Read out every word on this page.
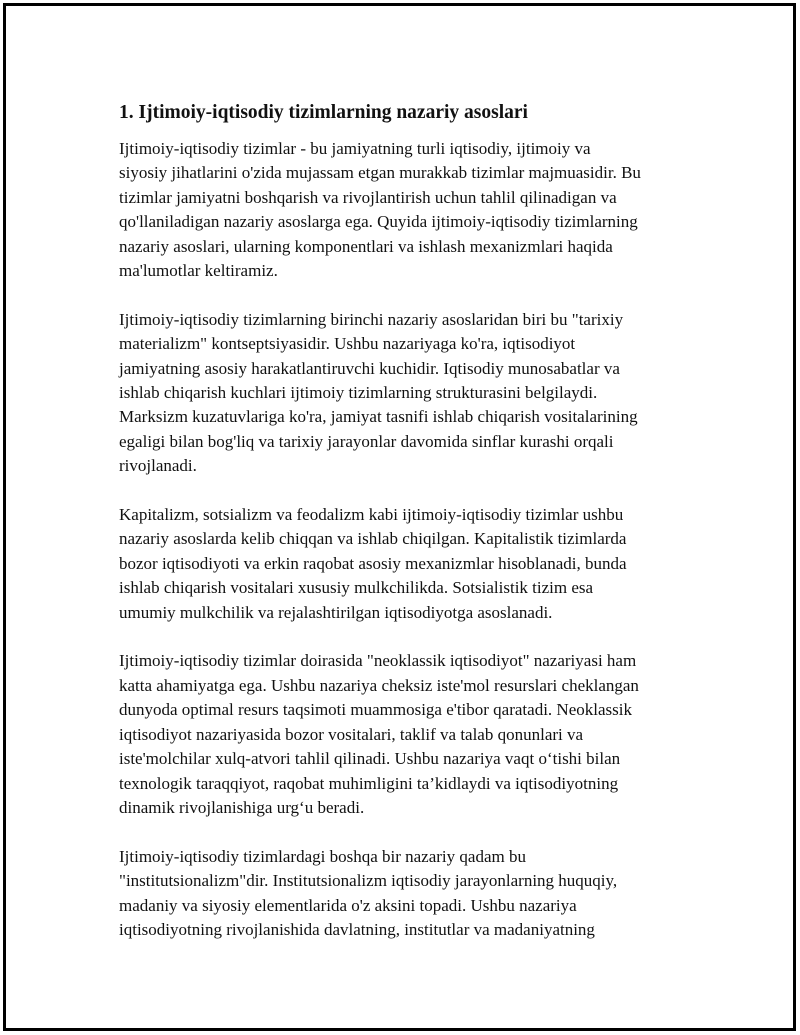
1. Ijtimoiy-iqtisodiy tizimlarning nazariy asoslari

Ijtimoiy-iqtisodiy tizimlar - bu jamiyatning turli iqtisodiy, ijtimoiy va
siyosiy jihatlarini o'zida mujassam etgan murakkab tizimlar majmuasidir. Bu
tizimlar jamiyatni boshqarish va rivojlantirish uchun tahlil qilinadigan va
qo'llaniladigan nazariy asoslarga ega. Quyida ijtimoiy-iqtisodiy tizimlarning
nazariy asoslari, ularning komponentlari va ishlash mexanizmlari haqida
ma'lumotlar keltiramiz.

Ijtimoiy-iqtisodiy tizimlarning birinchi nazariy asoslaridan biri bu "tarixiy
materializm" kontseptsiyasidir. Ushbu nazariyaga ko'ra, iqtisodiyot
jamiyatning asosiy harakatlantiruvchi kuchidir. Iqtisodiy munosabatlar va
ishlab chiqarish kuchlari ijtimoiy tizimlarning strukturasini belgilaydi.
Marksizm kuzatuvlariga ko'ra, jamiyat tasnifi ishlab chiqarish vositalarining
egaligi bilan bog'liq va tarixiy jarayonlar davomida sinflar kurashi orqali
rivojlanadi.

Kapitalizm, sotsializm va feodalizm kabi ijtimoiy-iqtisodiy tizimlar ushbu
nazariy asoslarda kelib chiqqan va ishlab chiqilgan. Kapitalistik tizimlarda
bozor iqtisodiyoti va erkin raqobat asosiy mexanizmlar hisoblanadi, bunda
ishlab chiqarish vositalari xususiy mulkchilikda. Sotsialistik tizim esa
umumiy mulkchilik va rejalashtirilgan iqtisodiyotga asoslanadi.

Ijtimoiy-iqtisodiy tizimlar doirasida "neoklassik iqtisodiyot" nazariyasi ham
katta ahamiyatga ega. Ushbu nazariya cheksiz iste'mol resurslari cheklangan
dunyoda optimal resurs taqsimoti muammosiga e'tibor qaratadi. Neoklassik
iqtisodiyot nazariyasida bozor vositalari, taklif va talab qonunlari va
iste'molchilar xulq-atvori tahlil qilinadi. Ushbu nazariya vaqt o‘tishi bilan
texnologik taraqqiyot, raqobat muhimligini ta’kidlaydi va iqtisodiyotning
dinamik rivojlanishiga urg‘u beradi.

Ijtimoiy-iqtisodiy tizimlardagi boshqa bir nazariy qadam bu
"institutsionalizm"dir. Institutsionalizm iqtisodiy jarayonlarning huquqiy,
madaniy va siyosiy elementlarida o'z aksini topadi. Ushbu nazariya
iqtisodiyotning rivojlanishida davlatning, institutlar va madaniyatning
